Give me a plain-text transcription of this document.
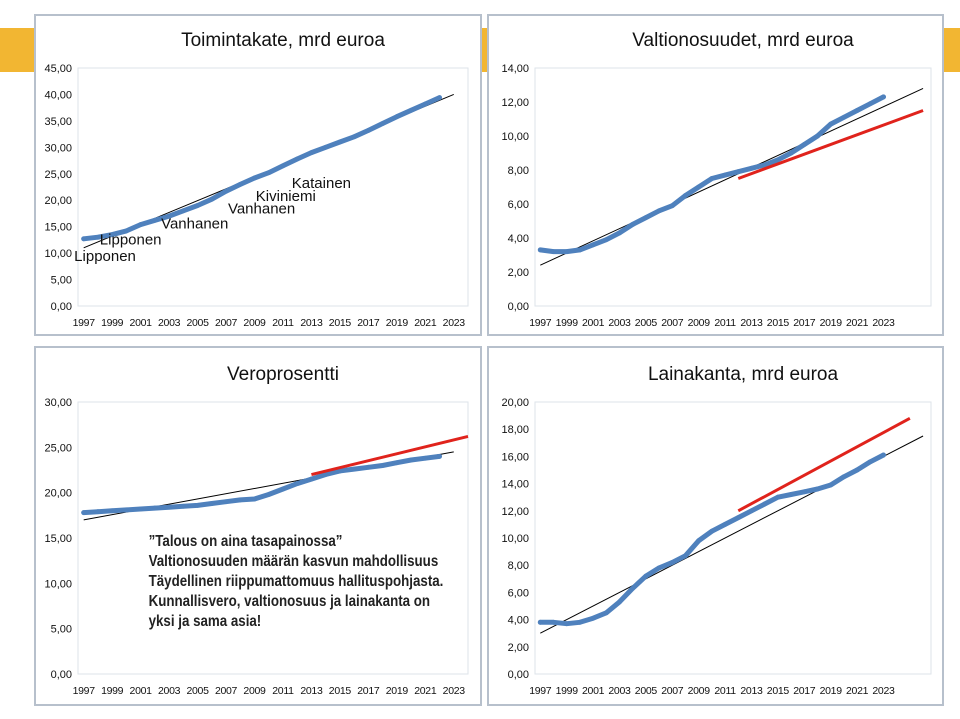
Toimintakate, mrd euroa
0,00
5,00
10,00
15,00
20,00
25,00
30,00
35,00
40,00
45,00
1997 1999 2001 2003 2005 2007 2009 2011 2013 2015 2017 2019 2021 2023
Lipponen
Lipponen
Vanhanen
Vanhanen
Kiviniemi
Katainen
Valtionosuudet, mrd euroa
0,00
2,00
4,00
6,00
8,00
10,00
12,00
14,00
1997 1999 2001 2003 2005 2007 2009 2011 2013 2015 2017 2019 2021 2023
Veroprosentti
0,00
5,00
10,00
15,00
20,00
25,00
30,00
1997 1999 2001 2003 2005 2007 2009 2011 2013 2015 2017 2019 2021 2023
”Talous on aina tasapainossa”
Valtionosuuden määrän kasvun mahdollisuus
Täydellinen riippumattomuus hallituspohjasta.
Kunnallisvero, valtionosuus ja lainakanta on
yksi ja sama asia!
Lainakanta, mrd euroa
0,00
2,00
4,00
6,00
8,00
10,00
12,00
14,00
16,00
18,00
20,00
1997 1999 2001 2003 2005 2007 2009 2011 2013 2015 2017 2019 2021 2023
